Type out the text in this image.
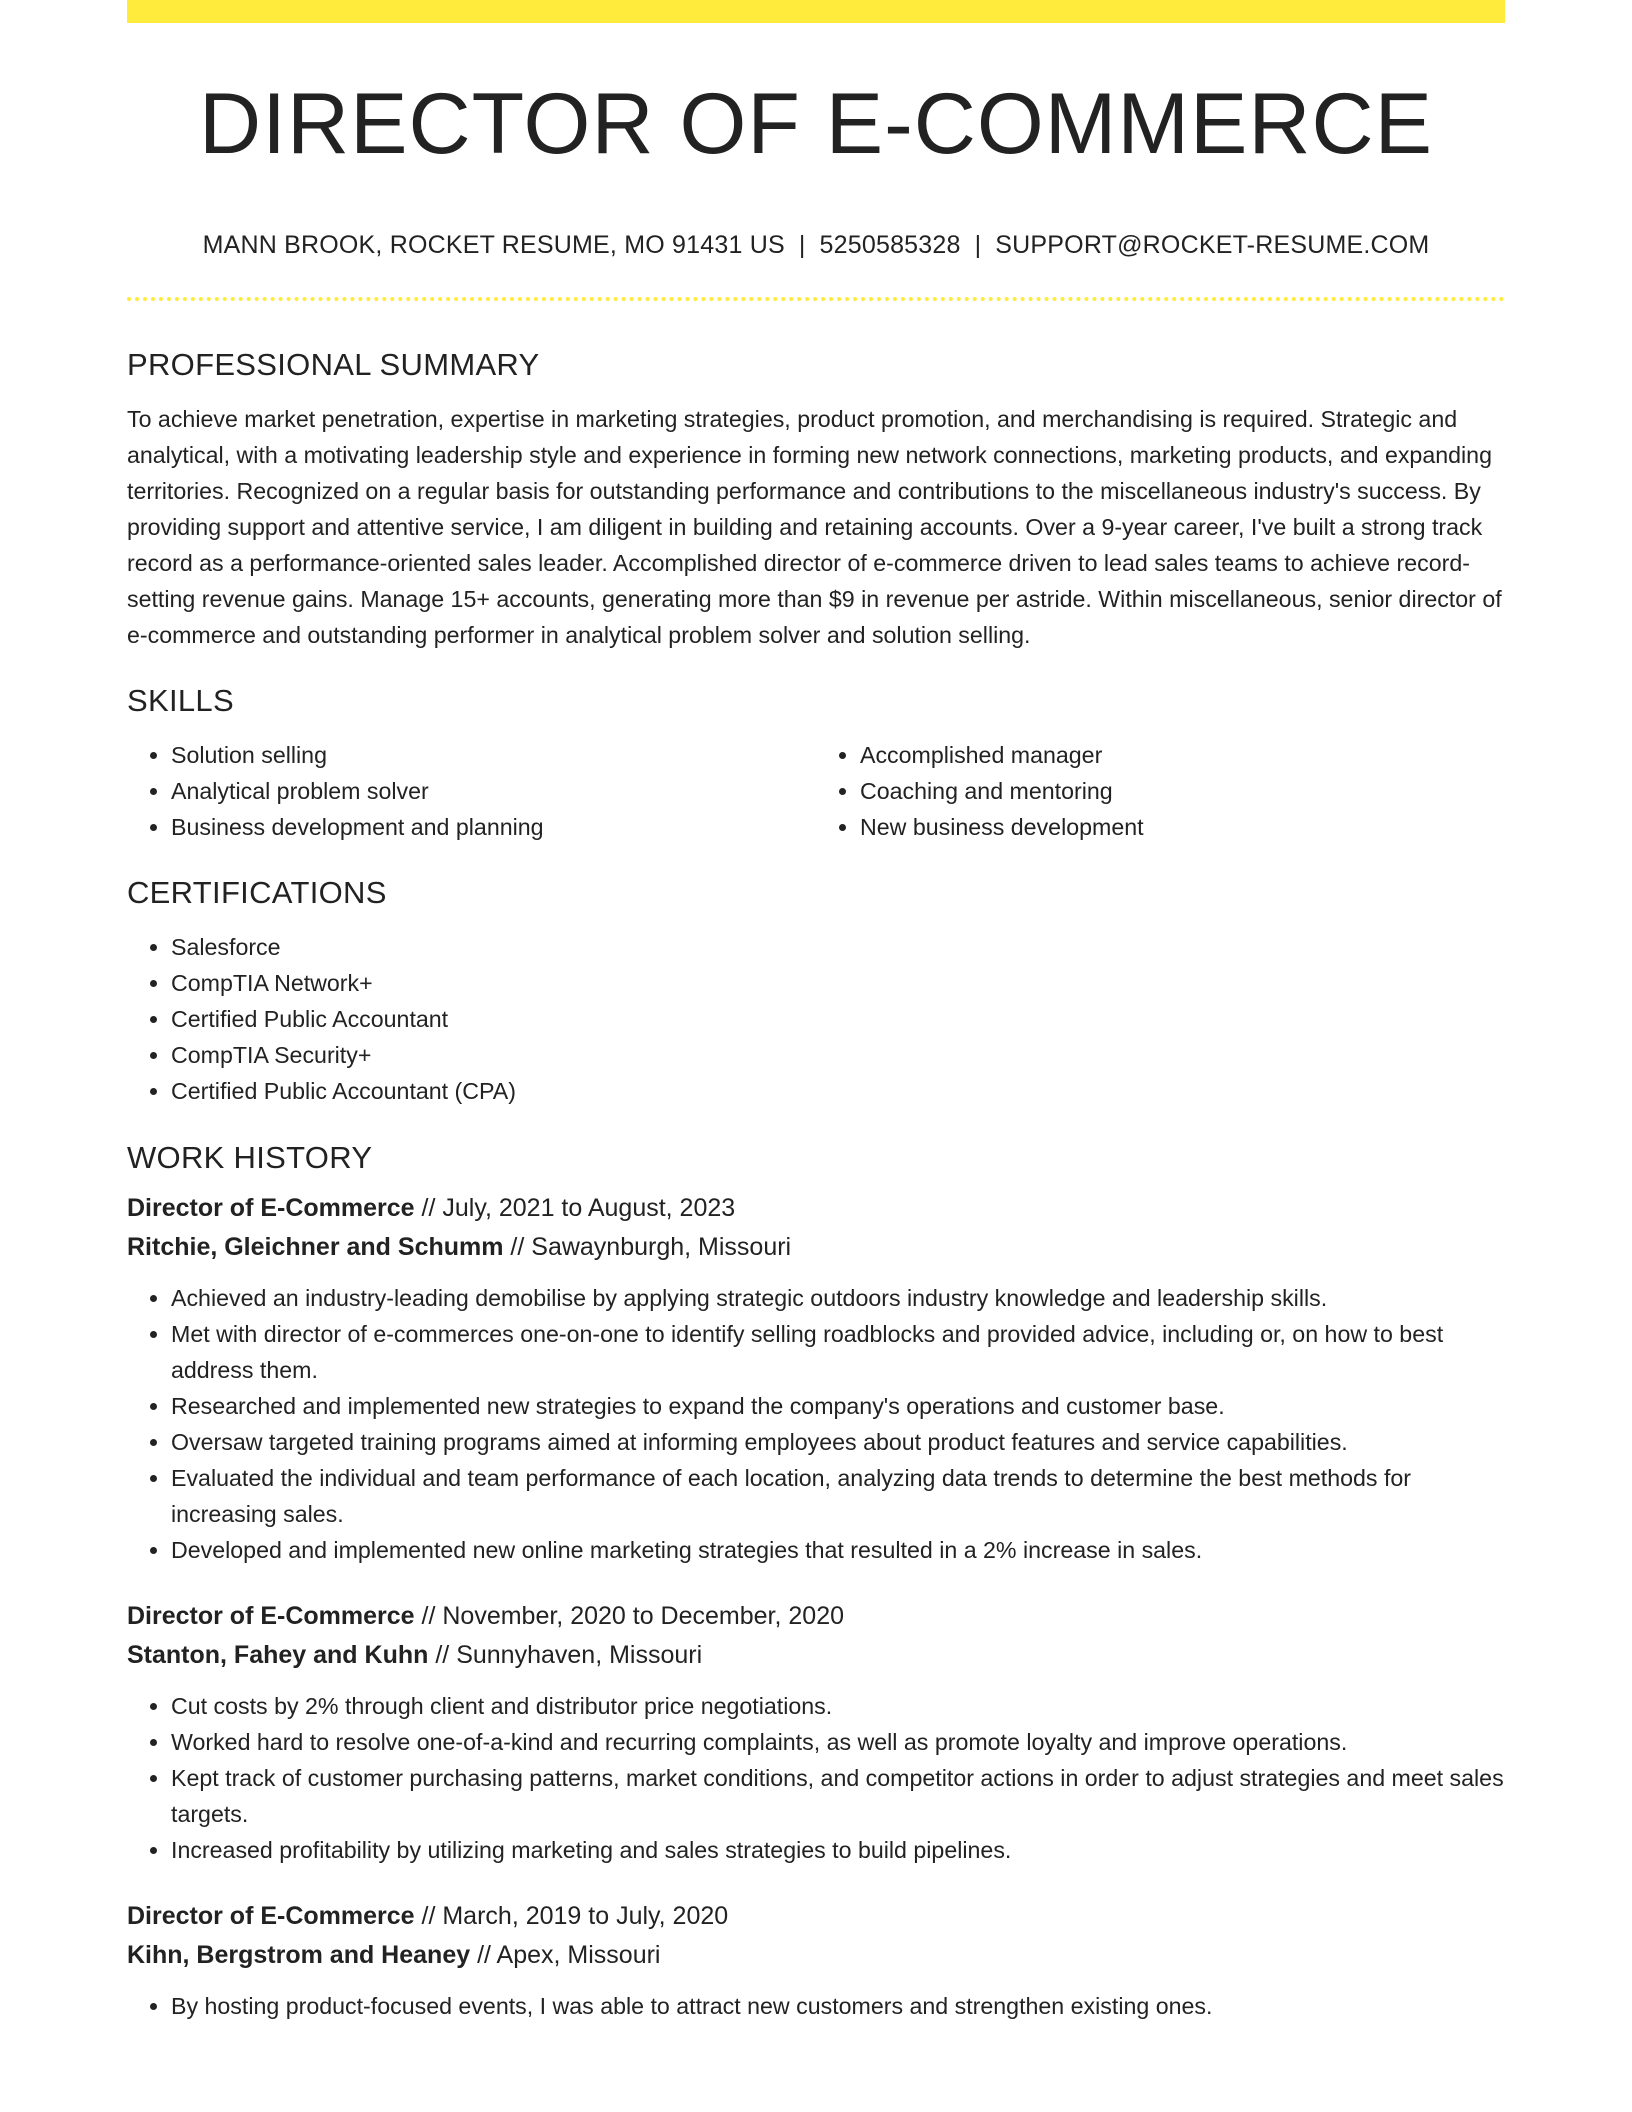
DIRECTOR OF E-COMMERCE
MANN BROOK, ROCKET RESUME, MO 91431 US | 5250585328 | SUPPORT@ROCKET-RESUME.COM
PROFESSIONAL SUMMARY

To achieve market penetration, expertise in marketing strategies, product promotion, and merchandising is required. Strategic and analytical, with a motivating leadership style and experience in forming new network connections, marketing products, and expanding territories. Recognized on a regular basis for outstanding performance and contributions to the miscellaneous industry's success. By providing support and attentive service, I am diligent in building and retaining accounts. Over a 9-year career, I've built a strong track record as a performance-oriented sales leader. Accomplished director of e-commerce driven to lead sales teams to achieve record-setting revenue gains. Manage 15+ accounts, generating more than $9 in revenue per astride. Within miscellaneous, senior director of e-commerce and outstanding performer in analytical problem solver and solution selling.

SKILLS
• Solution selling
• Analytical problem solver
• Business development and planning
• Accomplished manager
• Coaching and mentoring
• New business development
CERTIFICATIONS
• Salesforce
• CompTIA Network+
• Certified Public Accountant
• CompTIA Security+
• Certified Public Accountant (CPA)
WORK HISTORY
Director of E-Commerce // July, 2021 to August, 2023
Ritchie, Gleichner and Schumm // Sawaynburgh, Missouri
• Achieved an industry-leading demobilise by applying strategic outdoors industry knowledge and leadership skills.
• Met with director of e-commerces one-on-one to identify selling roadblocks and provided advice, including or, on how to best address them.
• Researched and implemented new strategies to expand the company's operations and customer base.
• Oversaw targeted training programs aimed at informing employees about product features and service capabilities.
• Evaluated the individual and team performance of each location, analyzing data trends to determine the best methods for increasing sales.
• Developed and implemented new online marketing strategies that resulted in a 2% increase in sales.
Director of E-Commerce // November, 2020 to December, 2020
Stanton, Fahey and Kuhn // Sunnyhaven, Missouri
• Cut costs by 2% through client and distributor price negotiations.
• Worked hard to resolve one-of-a-kind and recurring complaints, as well as promote loyalty and improve operations.
• Kept track of customer purchasing patterns, market conditions, and competitor actions in order to adjust strategies and meet sales targets.
• Increased profitability by utilizing marketing and sales strategies to build pipelines.
Director of E-Commerce // March, 2019 to July, 2020
Kihn, Bergstrom and Heaney // Apex, Missouri
• By hosting product-focused events, I was able to attract new customers and strengthen existing ones.
